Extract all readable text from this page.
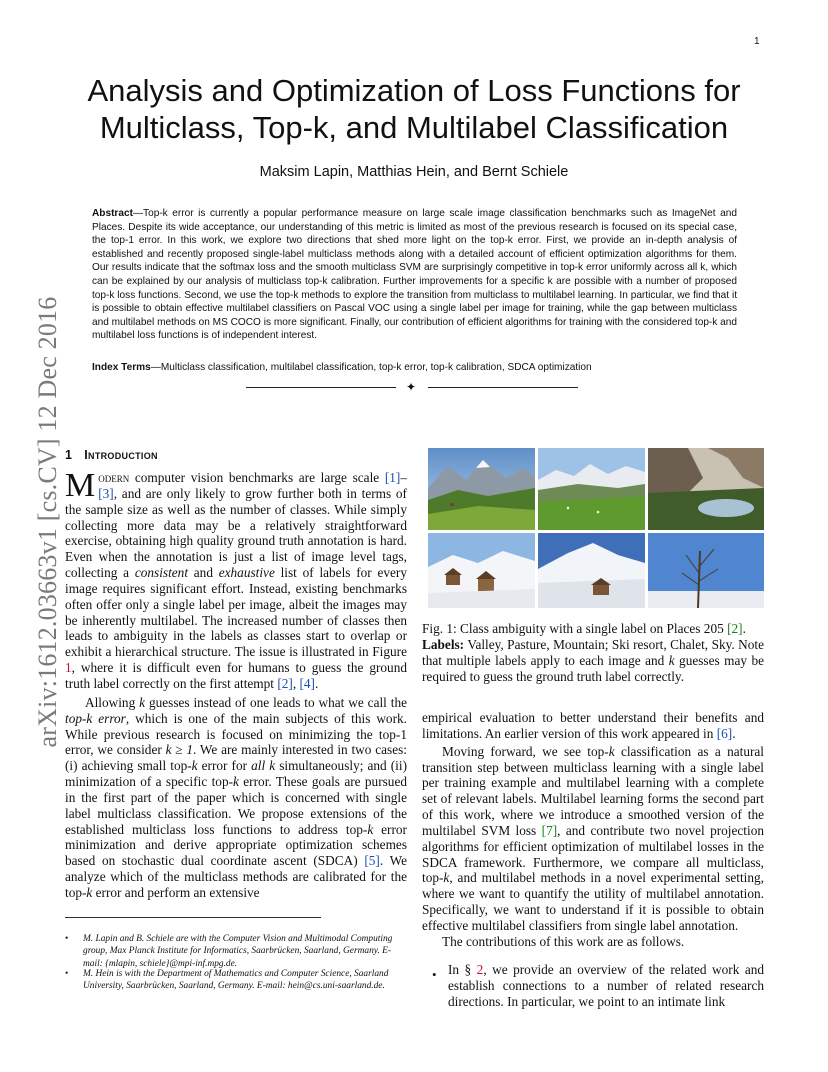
1
arXiv:1612.03663v1 [cs.CV] 12 Dec 2016
Analysis and Optimization of Loss Functions for
Multiclass, Top-k, and Multilabel Classification
Maksim Lapin, Matthias Hein, and Bernt Schiele
Abstract—Top-k error is currently a popular performance measure on large scale image classification benchmarks such as ImageNet and Places. Despite its wide acceptance, our understanding of this metric is limited as most of the previous research is focused on its special case, the top-1 error. In this work, we explore two directions that shed more light on the top-k error. First, we provide an in-depth analysis of established and recently proposed single-label multiclass methods along with a detailed account of efficient optimization algorithms for them. Our results indicate that the softmax loss and the smooth multiclass SVM are surprisingly competitive in top-k error uniformly across all k, which can be explained by our analysis of multiclass top-k calibration. Further improvements for a specific k are possible with a number of proposed top-k loss functions. Second, we use the top-k methods to explore the transition from multiclass to multilabel learning. In particular, we find that it is possible to obtain effective multilabel classifiers on Pascal VOC using a single label per image for training, while the gap between multiclass and multilabel methods on MS COCO is more significant. Finally, our contribution of efficient algorithms for training with the considered top-k and multilabel loss functions is of independent interest.
Index Terms—Multiclass classification, multilabel classification, top-k error, top-k calibration, SDCA optimization
✦
1 Introduction

Modern computer vision benchmarks are large scale [1]–[3], and are only likely to grow further both in terms of the sample size as well as the number of classes. While simply collecting more data may be a relatively straightforward exercise, obtaining high quality ground truth annotation is hard. Even when the annotation is just a list of image level tags, collecting a consistent and exhaustive list of labels for every image requires significant effort. Instead, existing benchmarks often offer only a single label per image, albeit the images may be inherently multilabel. The increased number of classes then leads to ambiguity in the labels as classes start to overlap or exhibit a hierarchical structure. The issue is illustrated in Figure 1, where it is difficult even for humans to guess the ground truth label correctly on the first attempt [2], [4].

Allowing k guesses instead of one leads to what we call the top-k error, which is one of the main subjects of this work. While previous research is focused on minimizing the top-1 error, we consider k ≥ 1. We are mainly interested in two cases: (i) achieving small top-k error for all k simultaneously; and (ii) minimization of a specific top-k error. These goals are pursued in the first part of the paper which is concerned with single label multiclass classification. We propose extensions of the established multiclass loss functions to address top-k error minimization and derive appropriate optimization schemes based on stochastic dual coordinate ascent (SDCA) [5]. We analyze which of the multiclass methods are calibrated for the top-k error and perform an extensive

• M. Lapin and B. Schiele are with the Computer Vision and Multimodal Computing group, Max Planck Institute for Informatics, Saarbrücken, Saarland, Germany. E-mail: {mlapin, schiele}@mpi-inf.mpg.de.
• M. Hein is with the Department of Mathematics and Computer Science, Saarland University, Saarbrücken, Saarland, Germany. E-mail: hein@cs.uni-saarland.de.
Fig. 1: Class ambiguity with a single label on Places 205 [2].
Labels: Valley, Pasture, Mountain; Ski resort, Chalet, Sky. Note that multiple labels apply to each image and k guesses may be required to guess the ground truth label correctly.

empirical evaluation to better understand their benefits and limitations. An earlier version of this work appeared in [6].

Moving forward, we see top-k classification as a natural transition step between multiclass learning with a single label per training example and multilabel learning with a complete set of relevant labels. Multilabel learning forms the second part of this work, where we introduce a smoothed version of the multilabel SVM loss [7], and contribute two novel projection algorithms for efficient optimization of multilabel losses in the SDCA framework. Furthermore, we compare all multiclass, top-k, and multilabel methods in a novel experimental setting, where we want to quantify the utility of multilabel annotation. Specifically, we want to understand if it is possible to obtain effective multilabel classifiers from single label annotation.

The contributions of this work are as follows.

• In § 2, we provide an overview of the related work and establish connections to a number of related research directions. In particular, we point to an intimate link
